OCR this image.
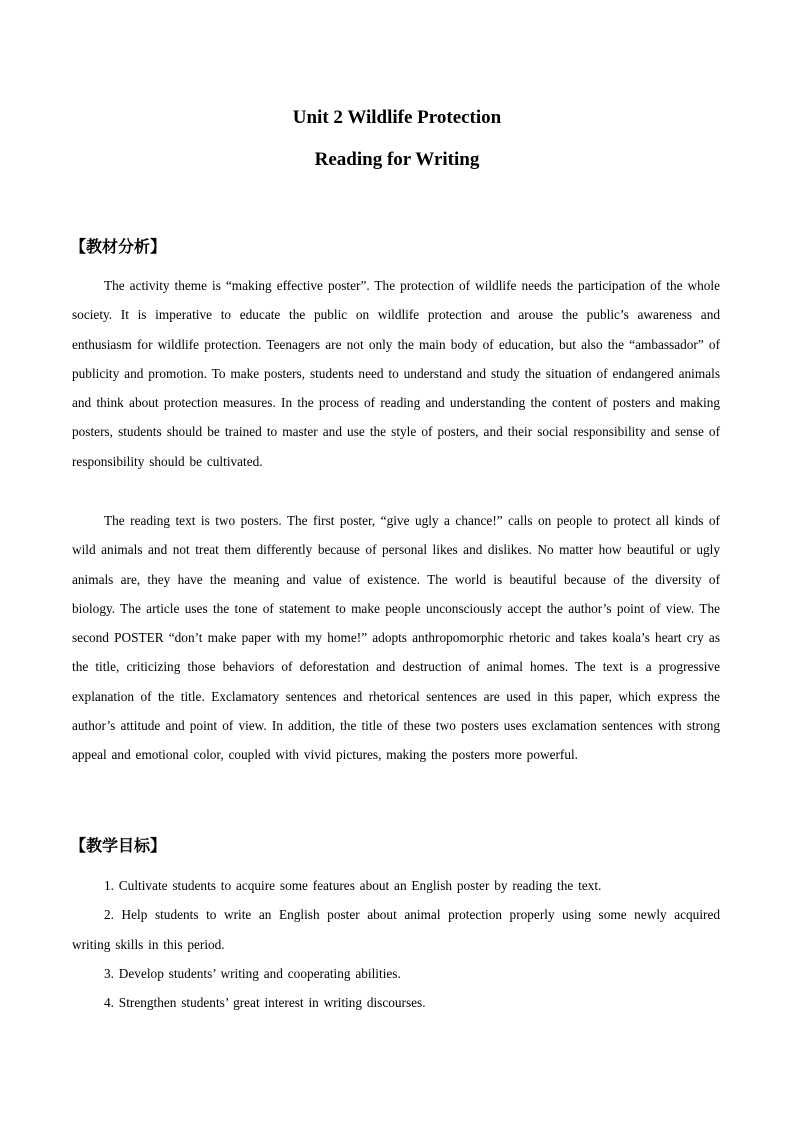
Unit 2 Wildlife Protection
Reading for Writing
【教材分析】

The activity theme is “making effective poster”. The protection of wildlife needs the participation of the whole society. It is imperative to educate the public on wildlife protection and arouse the public’s awareness and enthusiasm for wildlife protection. Teenagers are not only the main body of education, but also the “ambassador” of publicity and promotion. To make posters, students need to understand and study the situation of endangered animals and think about protection measures. In the process of reading and understanding the content of posters and making posters, students should be trained to master and use the style of posters, and their social responsibility and sense of responsibility should be cultivated.

The reading text is two posters. The first poster, “give ugly a chance!” calls on people to protect all kinds of wild animals and not treat them differently because of personal likes and dislikes. No matter how beautiful or ugly animals are, they have the meaning and value of existence. The world is beautiful because of the diversity of biology. The article uses the tone of statement to make people unconsciously accept the author’s point of view. The second POSTER “don’t make paper with my home!” adopts anthropomorphic rhetoric and takes koala’s heart cry as the title, criticizing those behaviors of deforestation and destruction of animal homes. The text is a progressive explanation of the title. Exclamatory sentences and rhetorical sentences are used in this paper, which express the author’s attitude and point of view. In addition, the title of these two posters uses exclamation sentences with strong appeal and emotional color, coupled with vivid pictures, making the posters more powerful.

【教学目标】
1. Cultivate students to acquire some features about an English poster by reading the text.
2. Help students to write an English poster about animal protection properly using some newly acquired writing skills in this period.
3. Develop students’ writing and cooperating abilities.
4. Strengthen students’ great interest in writing discourses.
